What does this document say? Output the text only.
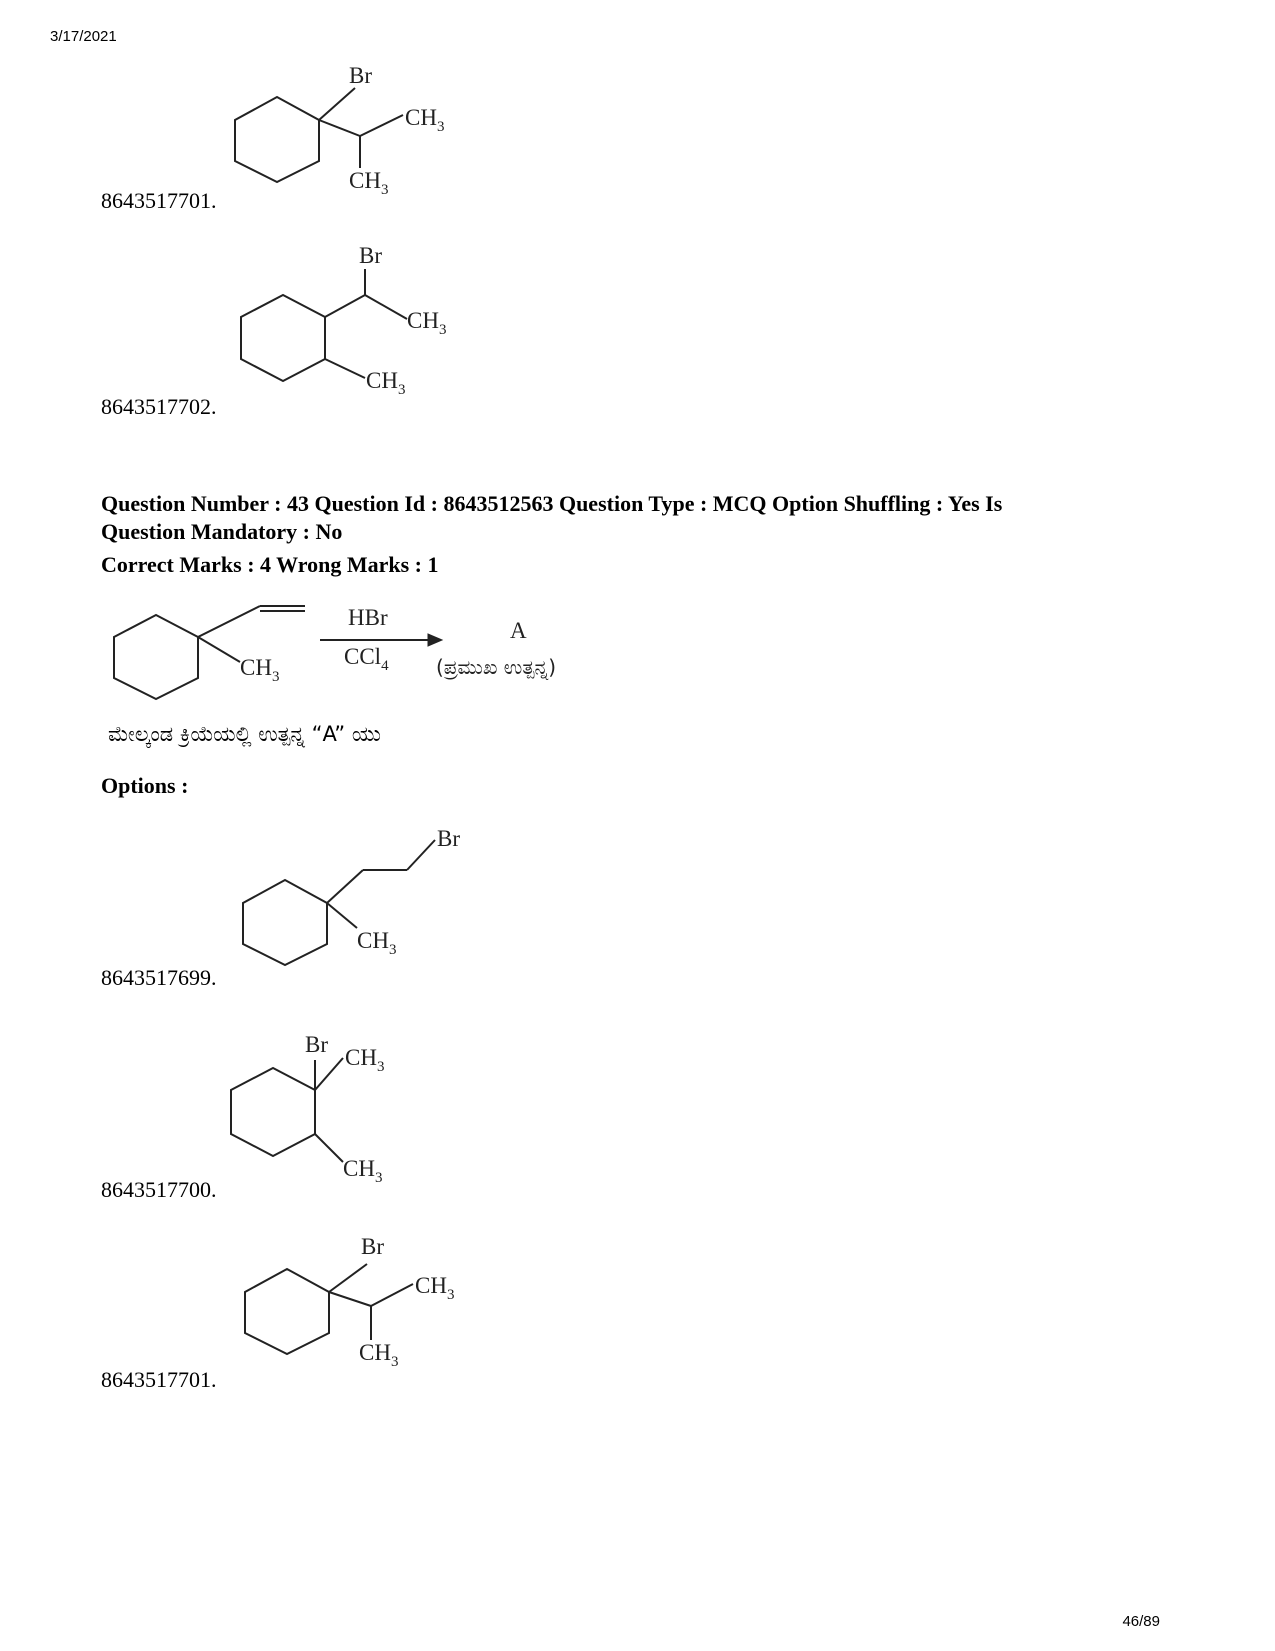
3/17/2021
Br
$CH_3$
$CH_3$
8643517701.
Br
$CH_3$
$CH_3$
8643517702.
Question Number : 43 Question Id : 8643512563 Question Type : MCQ Option Shuffling : Yes Is
Question Mandatory : No
Correct Marks : 4 Wrong Marks : 1
$CH_3$
HBr
CCl$_4$
A
(ಪ್ರಮುಖ ಉತ್ಪನ್ನ)
ಮೇಲ್ಕಂಡ ಕ್ರಿಯೆಯಲ್ಲಿ ಉತ್ಪನ್ನ “A” ಯು
Options :
Br
$CH_3$
8643517699.
Br
$CH_3$
$CH_3$
8643517700.
Br
$CH_3$
$CH_3$
8643517701.
46/89
